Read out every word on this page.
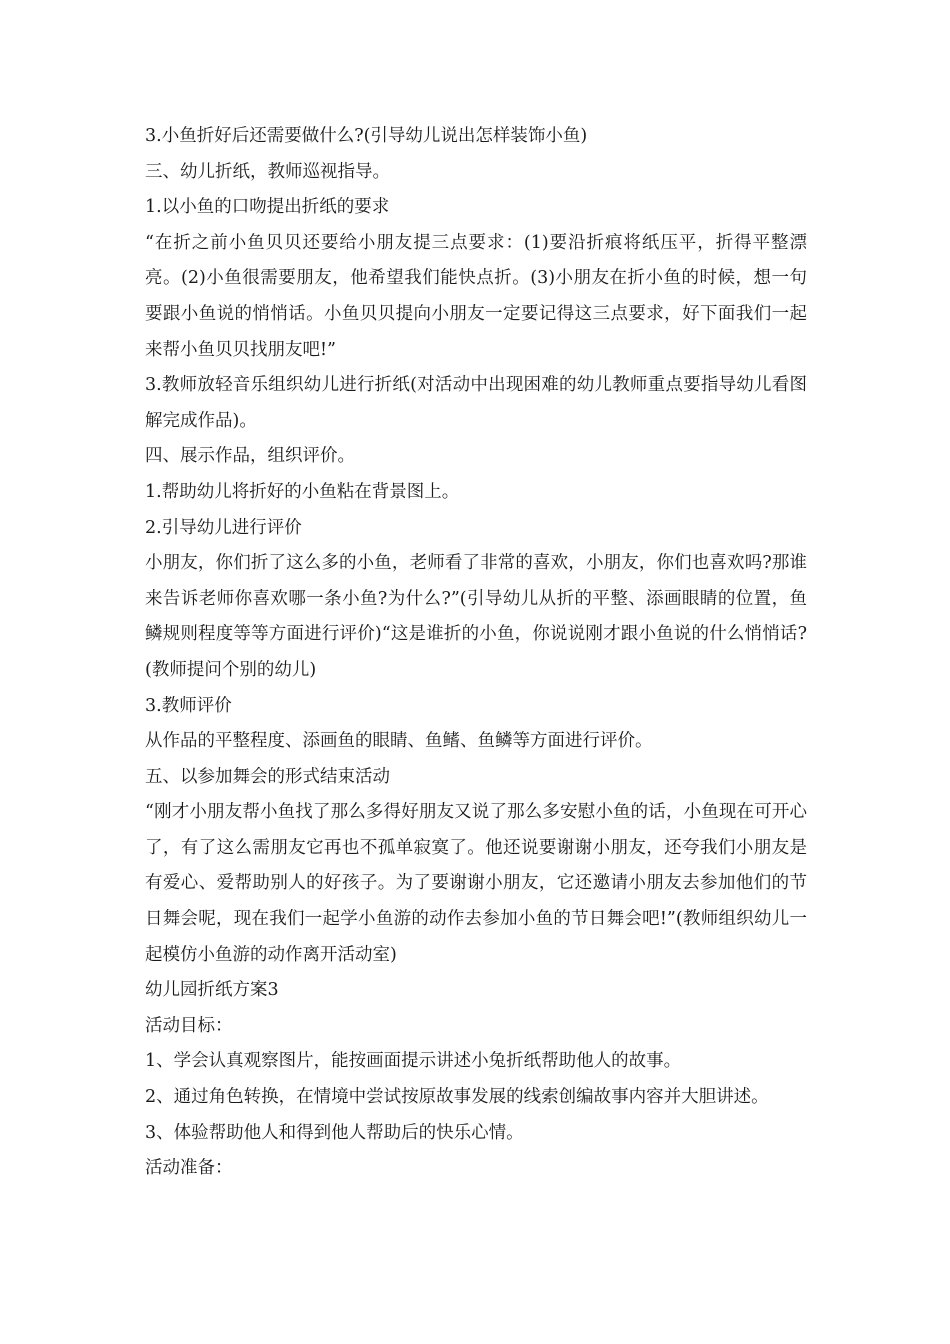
3.小鱼折好后还需要做什么?(引导幼儿说出怎样装饰小鱼)

三、幼儿折纸，教师巡视指导。

1.以小鱼的口吻提出折纸的要求

“在折之前小鱼贝贝还要给小朋友提三点要求：(1)要沿折痕将纸压平，折得平整漂亮。(2)小鱼很需要朋友，他希望我们能快点折。(3)小朋友在折小鱼的时候，想一句要跟小鱼说的悄悄话。小鱼贝贝提向小朋友一定要记得这三点要求，好下面我们一起来帮小鱼贝贝找朋友吧!”

3.教师放轻音乐组织幼儿进行折纸(对活动中出现困难的幼儿教师重点要指导幼儿看图解完成作品)。

四、展示作品，组织评价。

1.帮助幼儿将折好的小鱼粘在背景图上。

2.引导幼儿进行评价

小朋友，你们折了这么多的小鱼，老师看了非常的喜欢，小朋友，你们也喜欢吗?那谁来告诉老师你喜欢哪一条小鱼?为什么?”(引导幼儿从折的平整、添画眼睛的位置，鱼鳞规则程度等等方面进行评价)“这是谁折的小鱼，你说说刚才跟小鱼说的什么悄悄话?(教师提问个别的幼儿)

3.教师评价

从作品的平整程度、添画鱼的眼睛、鱼鳍、鱼鳞等方面进行评价。

五、以参加舞会的形式结束活动

“刚才小朋友帮小鱼找了那么多得好朋友又说了那么多安慰小鱼的话，小鱼现在可开心了，有了这么需朋友它再也不孤单寂寞了。他还说要谢谢小朋友，还夸我们小朋友是有爱心、爱帮助别人的好孩子。为了要谢谢小朋友，它还邀请小朋友去参加他们的节日舞会呢，现在我们一起学小鱼游的动作去参加小鱼的节日舞会吧!”(教师组织幼儿一起模仿小鱼游的动作离开活动室)

幼儿园折纸方案3

活动目标：

1、学会认真观察图片，能按画面提示讲述小兔折纸帮助他人的故事。

2、通过角色转换，在情境中尝试按原故事发展的线索创编故事内容并大胆讲述。

3、体验帮助他人和得到他人帮助后的快乐心情。

活动准备：
